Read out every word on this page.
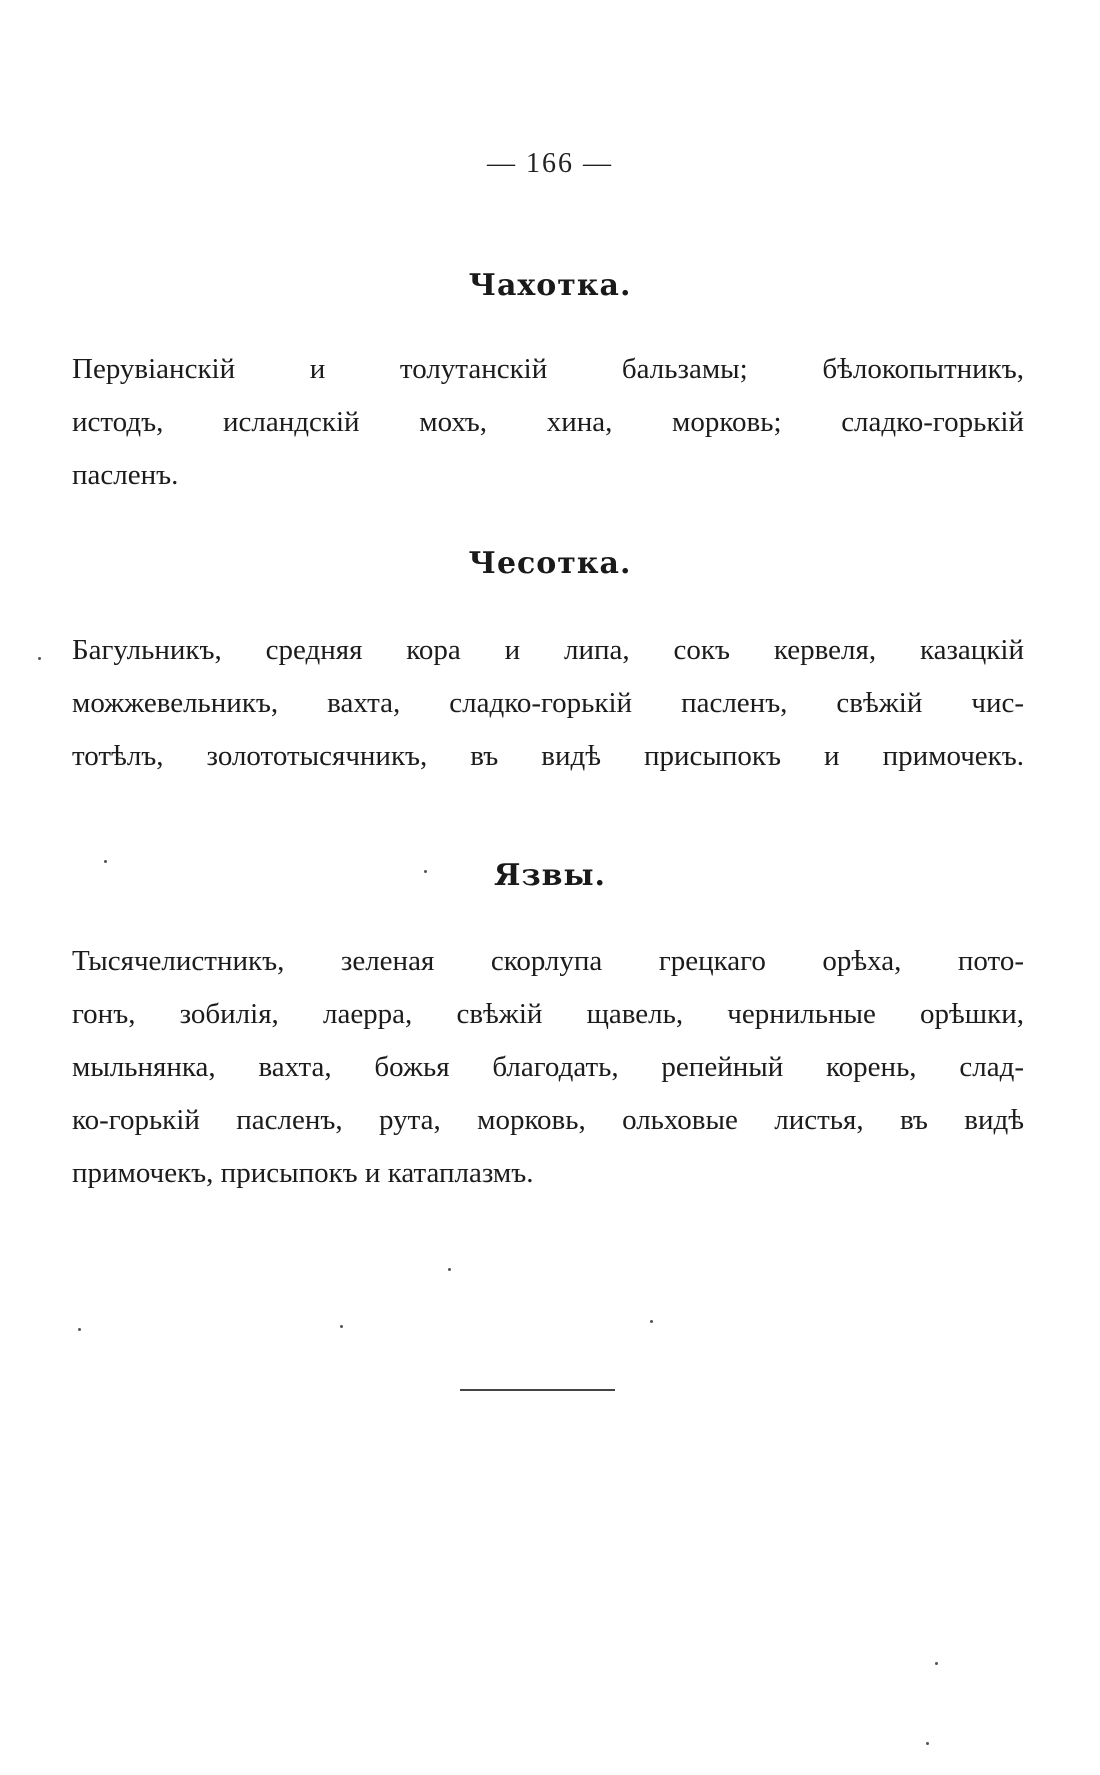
— 166 —
Чахотка.
Перувіанскій и толутанскій бальзамы; бѣлокопытникъ,
истодъ, исландскій мохъ, хина, морковь; сладко-горькій
пасленъ.
Чесотка.
Багульникъ, средняя кора и липа, сокъ кервеля, казацкій
можжевельникъ, вахта, сладко-горькій пасленъ, свѣжій чис-
тотѣлъ, золототысячникъ, въ видѣ присыпокъ и примочекъ.
Язвы.
Тысячелистникъ, зеленая скорлупа грецкаго орѣха, пото-
гонъ, зобилія, лаерра, свѣжій щавель, чернильные орѣшки,
мыльнянка, вахта, божья благодать, репейный корень, слад-
ко-горькій пасленъ, рута, морковь, ольховые листья, въ видѣ
примочекъ, присыпокъ и катаплазмъ.
